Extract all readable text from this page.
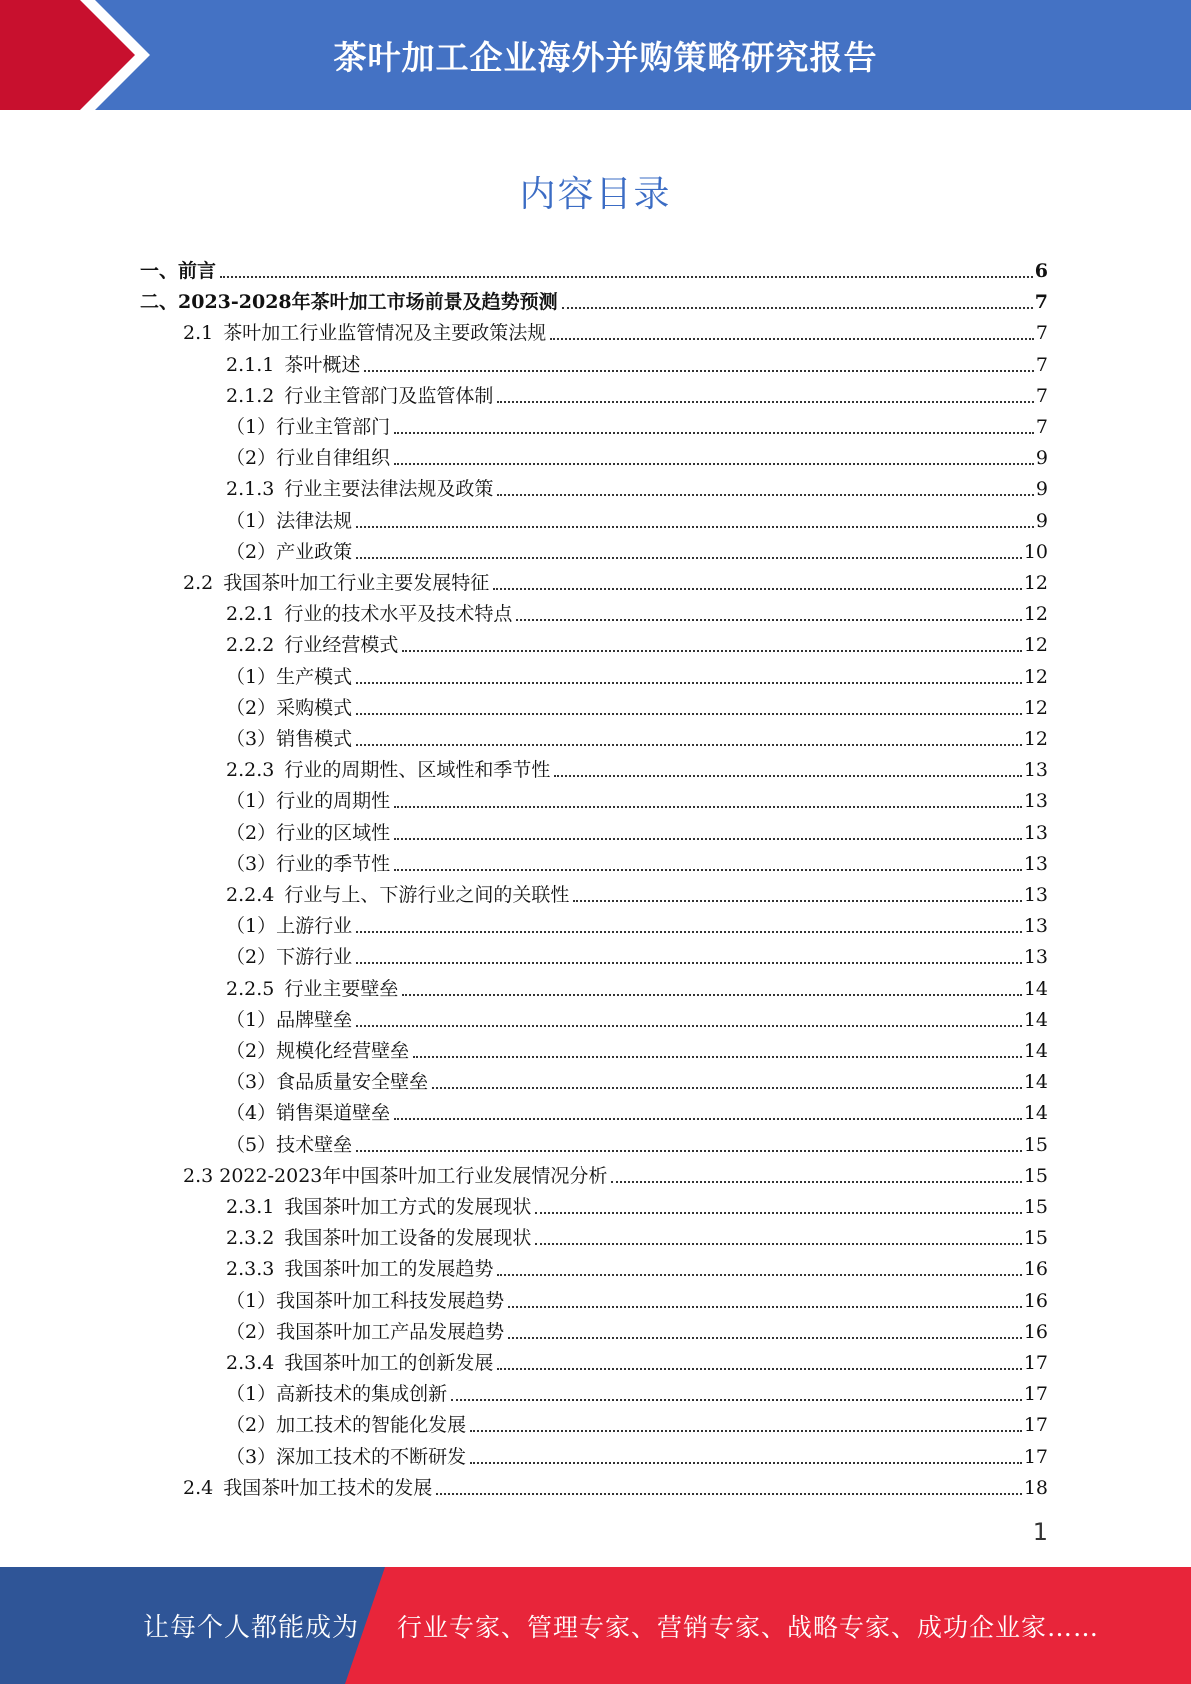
茶叶加工企业海外并购策略研究报告
内容目录
一、前言	6
二、2023-2028年茶叶加工市场前景及趋势预测	7
2.1 茶叶加工行业监管情况及主要政策法规	7
2.1.1 茶叶概述	7
2.1.2 行业主管部门及监管体制	7
（1）行业主管部门	7
（2）行业自律组织	9
2.1.3 行业主要法律法规及政策	9
（1）法律法规	9
（2）产业政策	10
2.2 我国茶叶加工行业主要发展特征	12
2.2.1 行业的技术水平及技术特点	12
2.2.2 行业经营模式	12
（1）生产模式	12
（2）采购模式	12
（3）销售模式	12
2.2.3 行业的周期性、区域性和季节性	13
（1）行业的周期性	13
（2）行业的区域性	13
（3）行业的季节性	13
2.2.4 行业与上、下游行业之间的关联性	13
（1）上游行业	13
（2）下游行业	13
2.2.5 行业主要壁垒	14
（1）品牌壁垒	14
（2）规模化经营壁垒	14
（3）食品质量安全壁垒	14
（4）销售渠道壁垒	14
（5）技术壁垒	15
2.3 2022-2023年中国茶叶加工行业发展情况分析	15
2.3.1 我国茶叶加工方式的发展现状	15
2.3.2 我国茶叶加工设备的发展现状	15
2.3.3 我国茶叶加工的发展趋势	16
（1）我国茶叶加工科技发展趋势	16
（2）我国茶叶加工产品发展趋势	16
2.3.4 我国茶叶加工的创新发展	17
（1）高新技术的集成创新	17
（2）加工技术的智能化发展	17
（3）深加工技术的不断研发	17
2.4 我国茶叶加工技术的发展	18
1
让每个人都能成为 行业专家、管理专家、营销专家、战略专家、成功企业家……
